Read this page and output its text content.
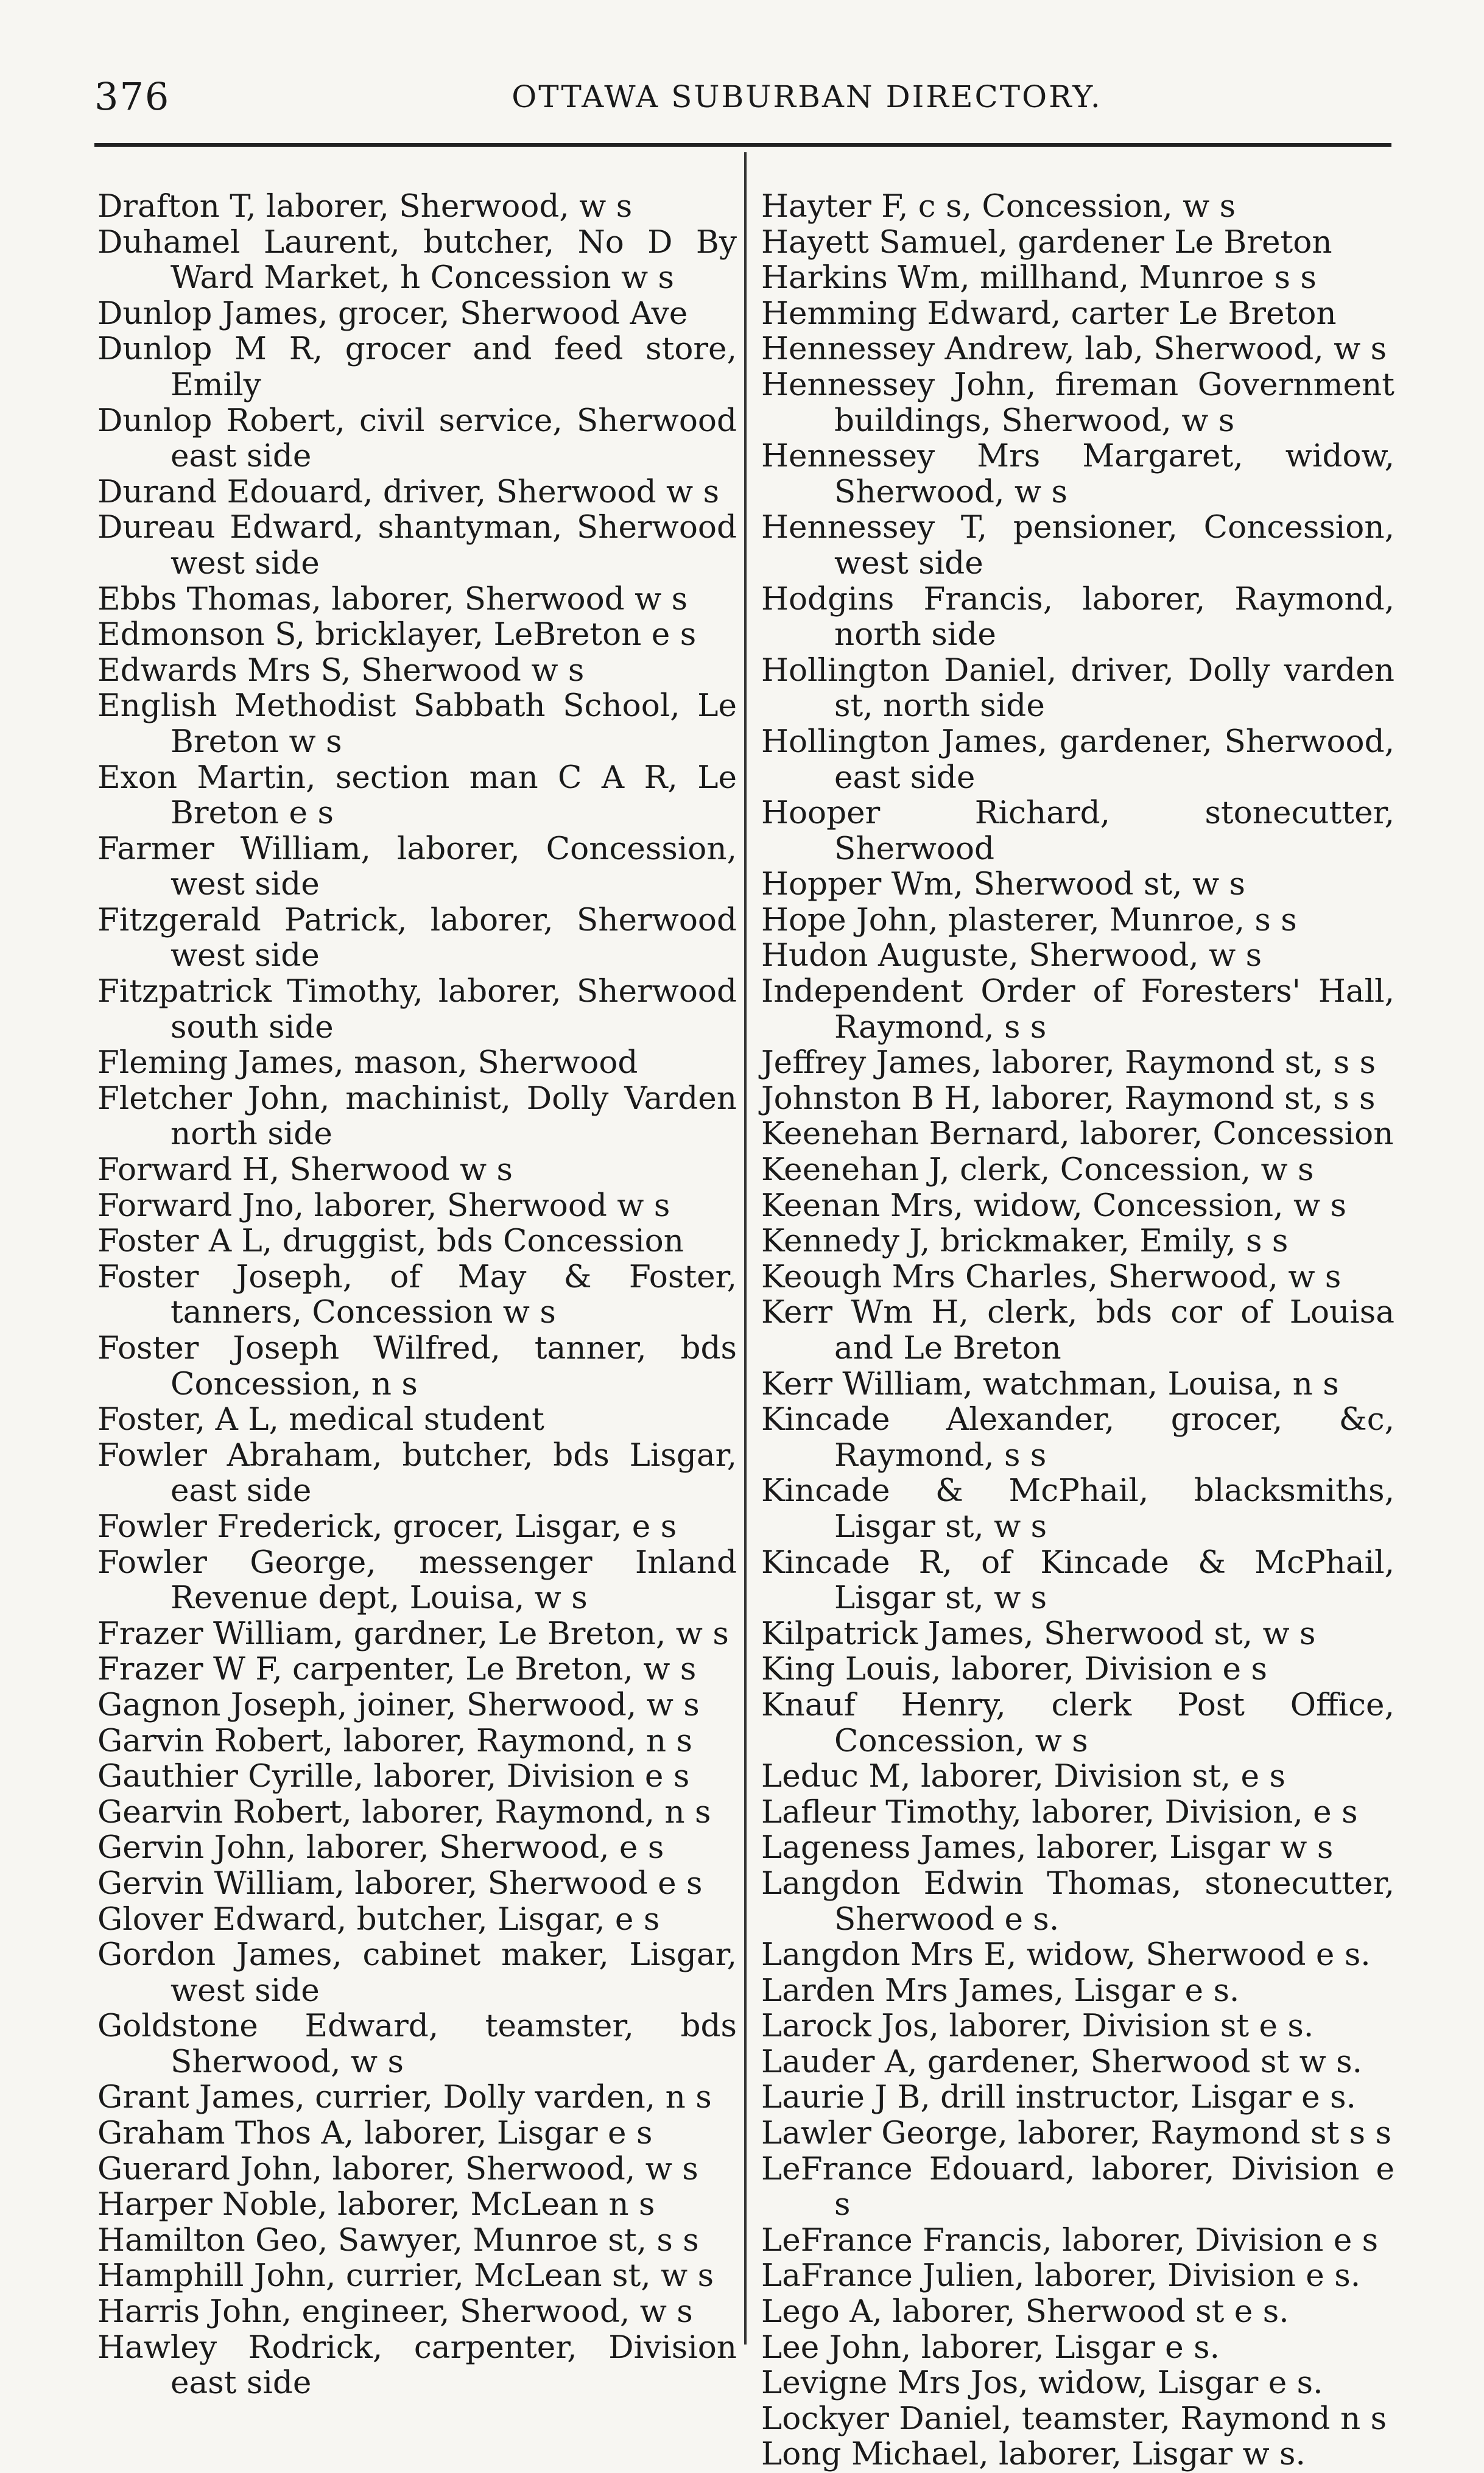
376	OTTAWA SUBURBAN DIRECTORY.

Drafton T, laborer, Sherwood, w s

Duhamel Laurent, butcher, No D By Ward Market, h Concession w s

Dunlop James, grocer, Sherwood Ave

Dunlop M R, grocer and feed store, Emily

Dunlop Robert, civil service, Sherwood east side

Durand Edouard, driver, Sherwood w s

Dureau Edward, shantyman, Sherwood west side

Ebbs Thomas, laborer, Sherwood w s

Edmonson S, bricklayer, LeBreton e s

Edwards Mrs S, Sherwood w s

English Methodist Sabbath School, Le Breton w s

Exon Martin, section man C A R, Le Breton e s

Farmer William, laborer, Concession, west side

Fitzgerald Patrick, laborer, Sherwood west side

Fitzpatrick Timothy, laborer, Sherwood south side

Fleming James, mason, Sherwood

Fletcher John, machinist, Dolly Varden north side

Forward H, Sherwood w s

Forward Jno, laborer, Sherwood w s

Foster A L, druggist, bds Concession

Foster Joseph, of May & Foster, tanners, Concession w s

Foster Joseph Wilfred, tanner, bds Concession, n s

Foster, A L, medical student

Fowler Abraham, butcher, bds Lisgar, east side

Fowler Frederick, grocer, Lisgar, e s

Fowler George, messenger Inland Revenue dept, Louisa, w s

Frazer William, gardner, Le Breton, w s

Frazer W F, carpenter, Le Breton, w s

Gagnon Joseph, joiner, Sherwood, w s

Garvin Robert, laborer, Raymond, n s

Gauthier Cyrille, laborer, Division e s

Gearvin Robert, laborer, Raymond, n s

Gervin John, laborer, Sherwood, e s

Gervin William, laborer, Sherwood e s

Glover Edward, butcher, Lisgar, e s

Gordon James, cabinet maker, Lisgar, west side

Goldstone Edward, teamster, bds Sherwood, w s

Grant James, currier, Dolly varden, n s

Graham Thos A, laborer, Lisgar e s

Guerard John, laborer, Sherwood, w s

Harper Noble, laborer, McLean n s

Hamilton Geo, Sawyer, Munroe st, s s

Hamphill John, currier, McLean st, w s

Harris John, engineer, Sherwood, w s

Hawley Rodrick, carpenter, Division east side

Hayter F, c s, Concession, w s

Hayett Samuel, gardener Le Breton

Harkins Wm, millhand, Munroe s s

Hemming Edward, carter Le Breton

Hennessey Andrew, lab, Sherwood, w s

Hennessey John, fireman Government buildings, Sherwood, w s

Hennessey Mrs Margaret, widow, Sherwood, w s

Hennessey T, pensioner, Concession, west side

Hodgins Francis, laborer, Raymond, north side

Hollington Daniel, driver, Dolly varden st, north side

Hollington James, gardener, Sherwood, east side

Hooper Richard, stonecutter, Sherwood

Hopper Wm, Sherwood st, w s

Hope John, plasterer, Munroe, s s

Hudon Auguste, Sherwood, w s

Independent Order of Foresters' Hall, Raymond, s s

Jeffrey James, laborer, Raymond st, s s

Johnston B H, laborer, Raymond st, s s

Keenehan Bernard, laborer, Concession

Keenehan J, clerk, Concession, w s

Keenan Mrs, widow, Concession, w s

Kennedy J, brickmaker, Emily, s s

Keough Mrs Charles, Sherwood, w s

Kerr Wm H, clerk, bds cor of Louisa and Le Breton

Kerr William, watchman, Louisa, n s

Kincade Alexander, grocer, &c, Raymond, s s

Kincade & McPhail, blacksmiths, Lisgar st, w s

Kincade R, of Kincade & McPhail, Lisgar st, w s

Kilpatrick James, Sherwood st, w s

King Louis, laborer, Division e s

Knauf Henry, clerk Post Office, Concession, w s

Leduc M, laborer, Division st, e s

Lafleur Timothy, laborer, Division, e s

Lageness James, laborer, Lisgar w s

Langdon Edwin Thomas, stonecutter, Sherwood e s.

Langdon Mrs E, widow, Sherwood e s.

Larden Mrs James, Lisgar e s.

Larock Jos, laborer, Division st e s.

Lauder A, gardener, Sherwood st w s.

Laurie J B, drill instructor, Lisgar e s.

Lawler George, laborer, Raymond st s s

LeFrance Edouard, laborer, Division e s

LeFrance Francis, laborer, Division e s

LaFrance Julien, laborer, Division e s.

Lego A, laborer, Sherwood st e s.

Lee John, laborer, Lisgar e s.

Levigne Mrs Jos, widow, Lisgar e s.

Lockyer Daniel, teamster, Raymond n s

Long Michael, laborer, Lisgar w s.
